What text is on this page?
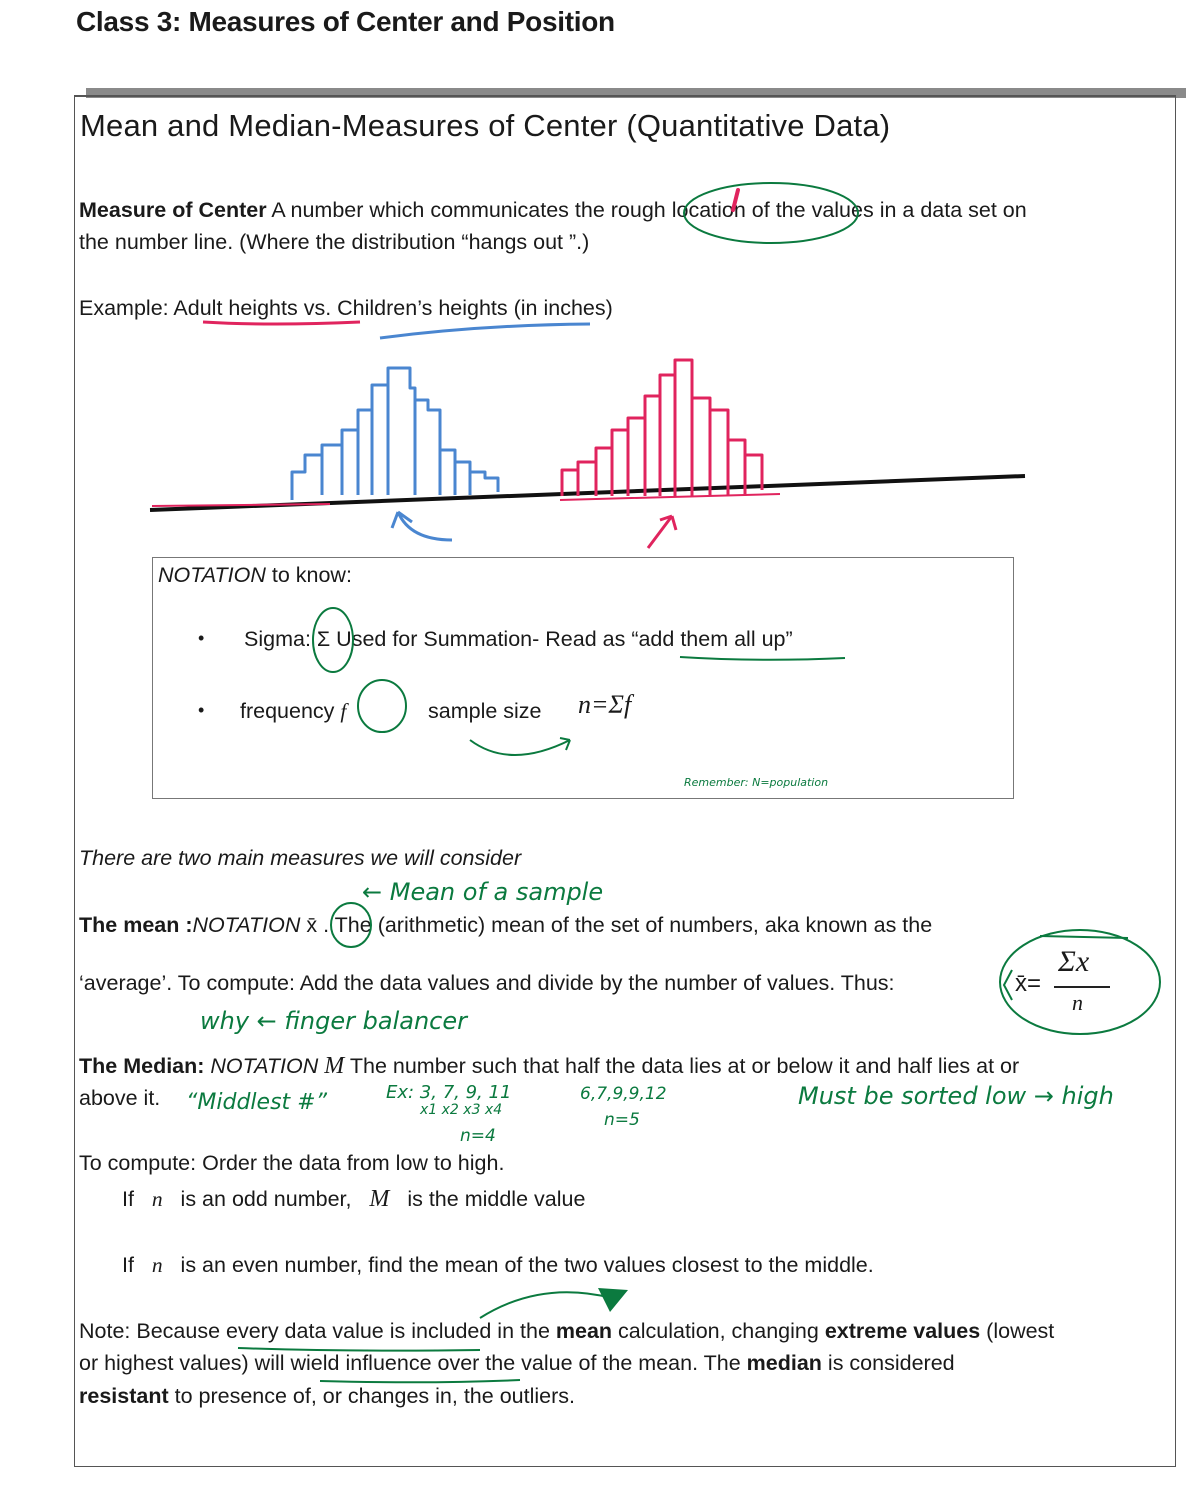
Class 3: Measures of Center and Position
Mean and Median-Measures of Center (Quantitative Data)
Measure of Center A number which communicates the rough location of the values in a data set on
the number line. (Where the distribution “hangs out ”.)
Example: Adult heights vs. Children’s heights (in inches)
NOTATION to know:
• Sigma: Σ Used for Summation- Read as “add them all up”
• frequency f	sample size n=Σf
There are two main measures we will consider
The mean :NOTATION x̄ . The (arithmetic) mean of the set of numbers, aka known as the
‘average’. To compute: Add the data values and divide by the number of values. Thus:	x̄=
Σx
n
The Median: NOTATION M The number such that half the data lies at or below it and half lies at or
above it.
To compute: Order the data from low to high.
If n   is an odd number, M   is the middle value
If n   is an even number, find the mean of the two values closest to the middle.
Note: Because every data value is included in the mean calculation, changing extreme values (lowest
or highest values) will wield influence over the value of the mean. The median is considered
resistant to presence of, or changes in, the outliers.
← Mean of a sample
why ← finger balancer
“Middlest #”	Ex: 3, 7, 9, 11
x1 x2 x3 x4
n=4
6,7,9,9,12
n=5
Must be sorted low → high
Remember: N=population
